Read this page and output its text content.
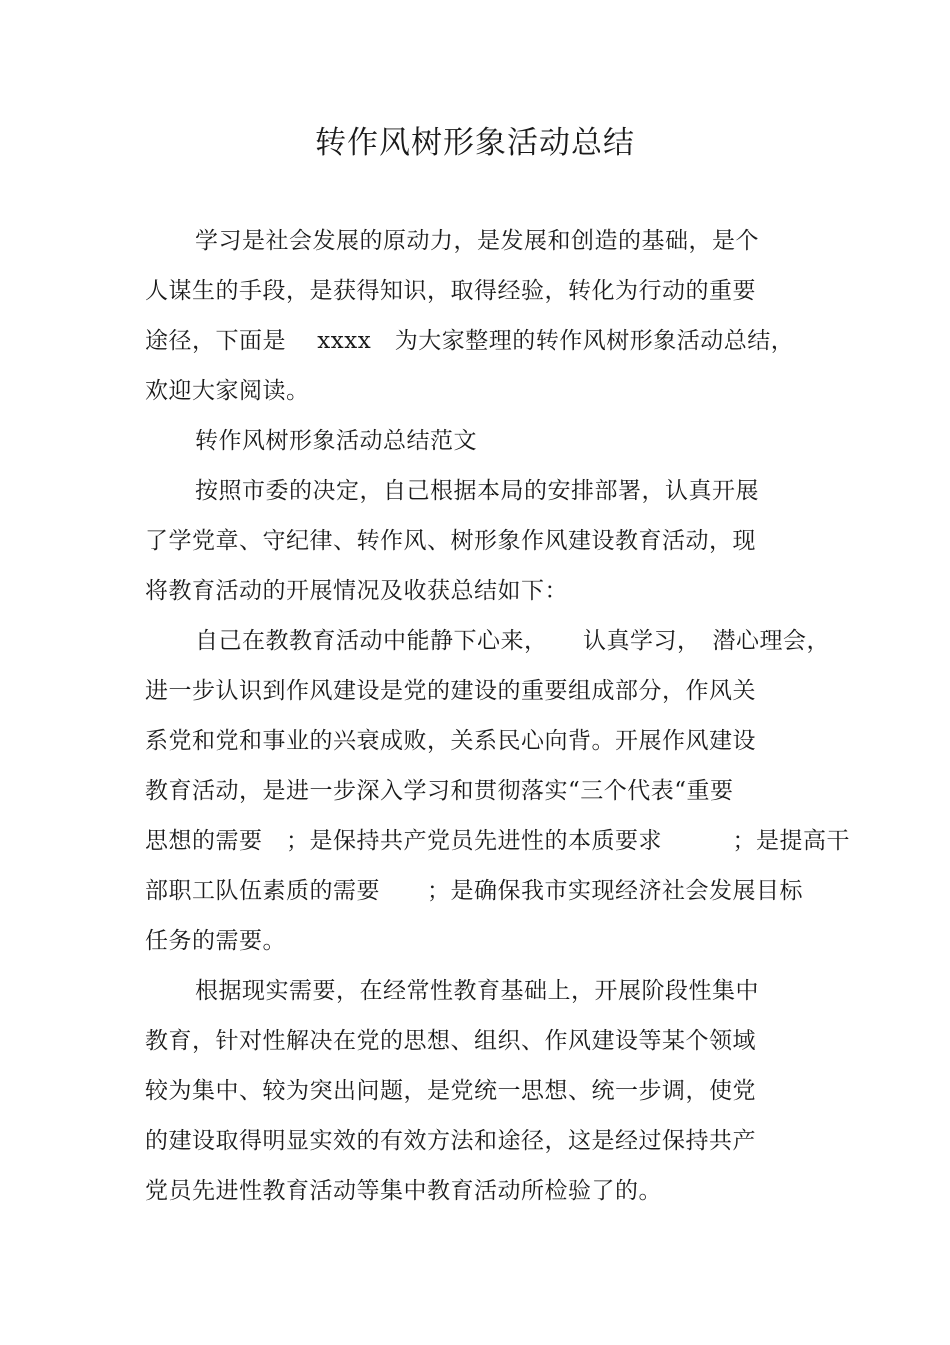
转作风树形象活动总结
学习是社会发展的原动力，是发展和创造的基础，是个
人谋生的手段，是获得知识，取得经验，转化为行动的重要
途径，下面是　 xxxx　为大家整理的转作风树形象活动总结，
欢迎大家阅读。
转作风树形象活动总结范文
按照市委的决定，自己根据本局的安排部署，认真开展
了学党章、守纪律、转作风、树形象作风建设教育活动，现
将教育活动的开展情况及收获总结如下：
自己在教教育活动中能静下心来，　　认真学习，　潜心理会，
进一步认识到作风建设是党的建设的重要组成部分，作风关
系党和党和事业的兴衰成败，关系民心向背。开展作风建设
教育活动，是进一步深入学习和贯彻落实“三个代表“重要
思想的需要　；是保持共产党员先进性的本质要求　　　；是提高干
部职工队伍素质的需要　　；是确保我市实现经济社会发展目标
任务的需要。
根据现实需要，在经常性教育基础上，开展阶段性集中
教育，针对性解决在党的思想、组织、作风建设等某个领域
较为集中、较为突出问题，是党统一思想、统一步调，使党
的建设取得明显实效的有效方法和途径，这是经过保持共产
党员先进性教育活动等集中教育活动所检验了的。
